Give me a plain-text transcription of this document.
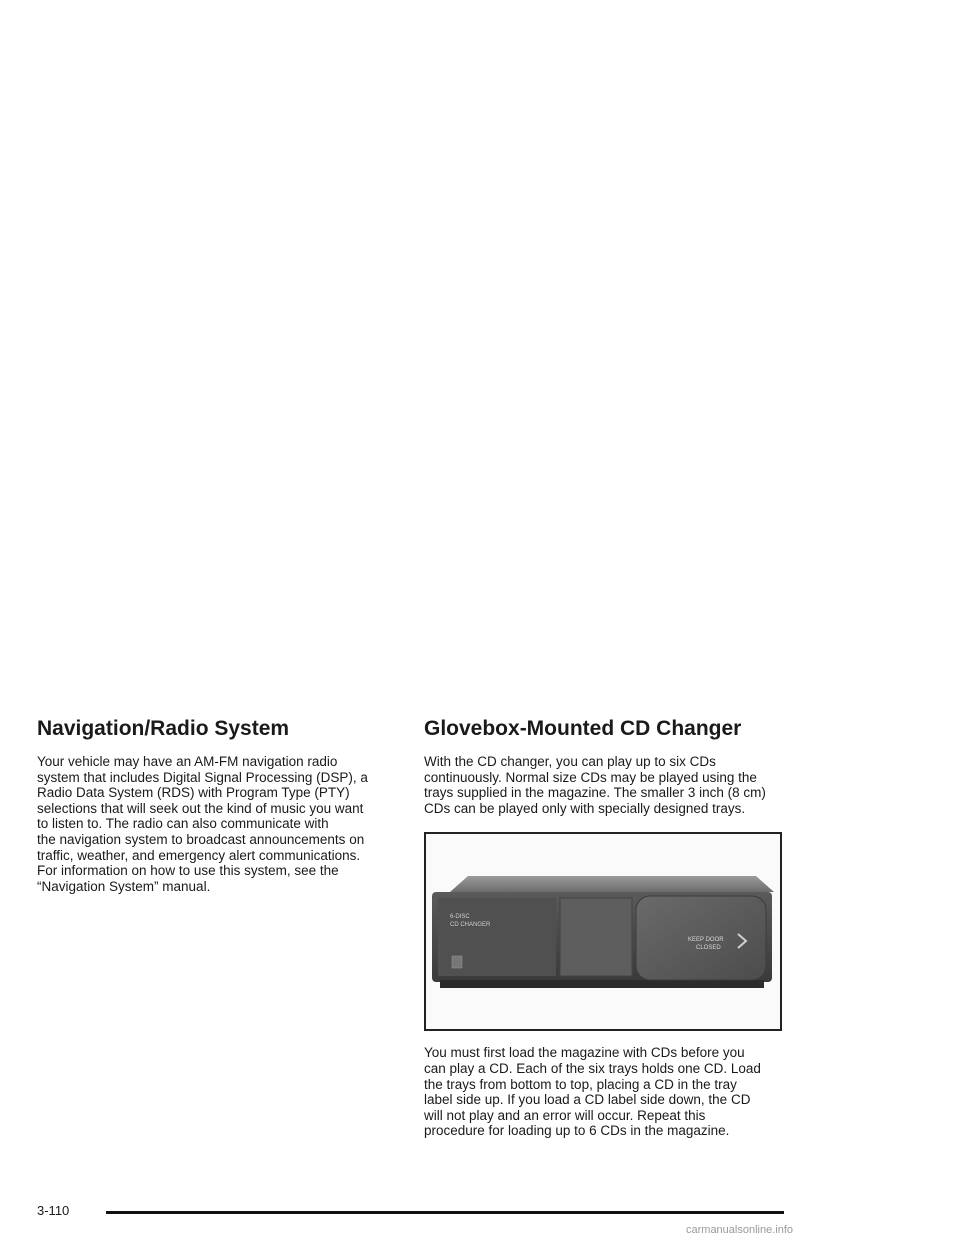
Navigation/Radio System

Your vehicle may have an AM-FM navigation radio
system that includes Digital Signal Processing (DSP), a
Radio Data System (RDS) with Program Type (PTY)
selections that will seek out the kind of music you want
to listen to. The radio can also communicate with
the navigation system to broadcast announcements on
traffic, weather, and emergency alert communications.
For information on how to use this system, see the
“Navigation System” manual.

Glovebox-Mounted CD Changer

With the CD changer, you can play up to six CDs
continuously. Normal size CDs may be played using the
trays supplied in the magazine. The smaller 3 inch (8 cm)
CDs can be played only with specially designed trays.

6-DISC
CD CHANGER
KEEP DOOR
CLOSED

You must first load the magazine with CDs before you
can play a CD. Each of the six trays holds one CD. Load
the trays from bottom to top, placing a CD in the tray
label side up. If you load a CD label side down, the CD
will not play and an error will occur. Repeat this
procedure for loading up to 6 CDs in the magazine.

3-110
carmanualsonline.info
